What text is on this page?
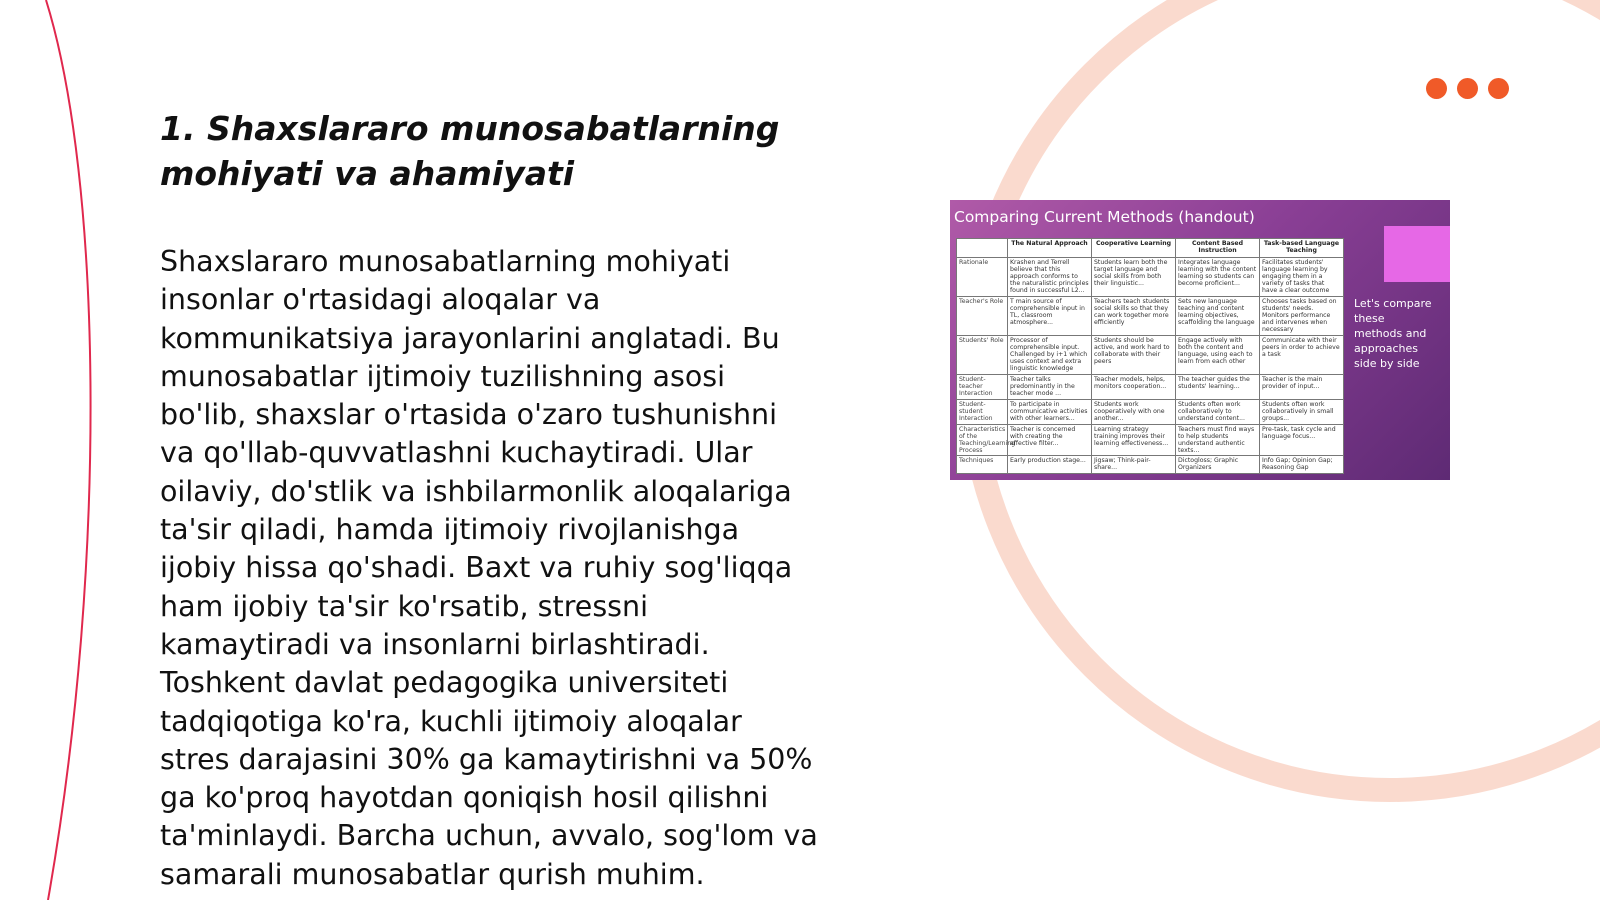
1. Shaxslararo munosabatlarning
mohiyati va ahamiyati
Shaxslararo munosabatlarning mohiyati
insonlar o'rtasidagi aloqalar va
kommunikatsiya jarayonlarini anglatadi. Bu
munosabatlar ijtimoiy tuzilishning asosi
bo'lib, shaxslar o'rtasida o'zaro tushunishni
va qo'llab-quvvatlashni kuchaytiradi. Ular
oilaviy, do'stlik va ishbilarmonlik aloqalariga
ta'sir qiladi, hamda ijtimoiy rivojlanishga
ijobiy hissa qo'shadi. Baxt va ruhiy sog'liqqa
ham ijobiy ta'sir ko'rsatib, stressni
kamaytiradi va insonlarni birlashtiradi.
Toshkent davlat pedagogika universiteti
tadqiqotiga ko'ra, kuchli ijtimoiy aloqalar
stres darajasini 30% ga kamaytirishni va 50%
ga ko'proq hayotdan qoniqish hosil qilishni
ta'minlaydi. Barcha uchun, avvalo, sog'lom va
samarali munosabatlar qurish muhim.
Comparing Current Methods (handout)
	The Natural Approach	Cooperative Learning	Content Based Instruction	Task-based Language Teaching
Rationale	Krashen and Terrell believe that this approach conforms to the naturalistic principles found in successful L2...	Students learn both the target language and social skills from both their linguistic...	Integrates language learning with the content learning so students can become proficient...	Facilitates students' language learning by engaging them in a variety of tasks that have a clear outcome
Teacher's Role	T main source of comprehensible input in TL, classroom atmosphere...	Teachers teach students social skills so that they can work together more efficiently	Sets new language teaching and content learning objectives, scaffolding the language	Chooses tasks based on students' needs. Monitors performance and intervenes when necessary
Students' Role	Processor of comprehensible input. Challenged by i+1 which uses context and extra linguistic knowledge	Students should be active, and work hard to collaborate with their peers	Engage actively with both the content and language, using each to learn from each other	Communicate with their peers in order to achieve a task
Student-teacher Interaction	Teacher talks predominantly in the teacher mode ...	Teacher models, helps, monitors cooperation...	The teacher guides the students' learning...	Teacher is the main provider of input...
Student-student Interaction	To participate in communicative activities with other learners...	Students work cooperatively with one another...	Students often work collaboratively to understand content...	Students often work collaboratively in small groups...
Characteristics of the Teaching/Learning Process	Teacher is concerned with creating the affective filter...	Learning strategy training improves their learning effectiveness...	Teachers must find ways to help students understand authentic texts...	Pre-task, task cycle and language focus...
Techniques	Early production stage...	Jigsaw; Think-pair-share...	Dictogloss; Graphic Organizers	Info Gap; Opinion Gap; Reasoning Gap
Let's compare
these
methods and
approaches
side by side
